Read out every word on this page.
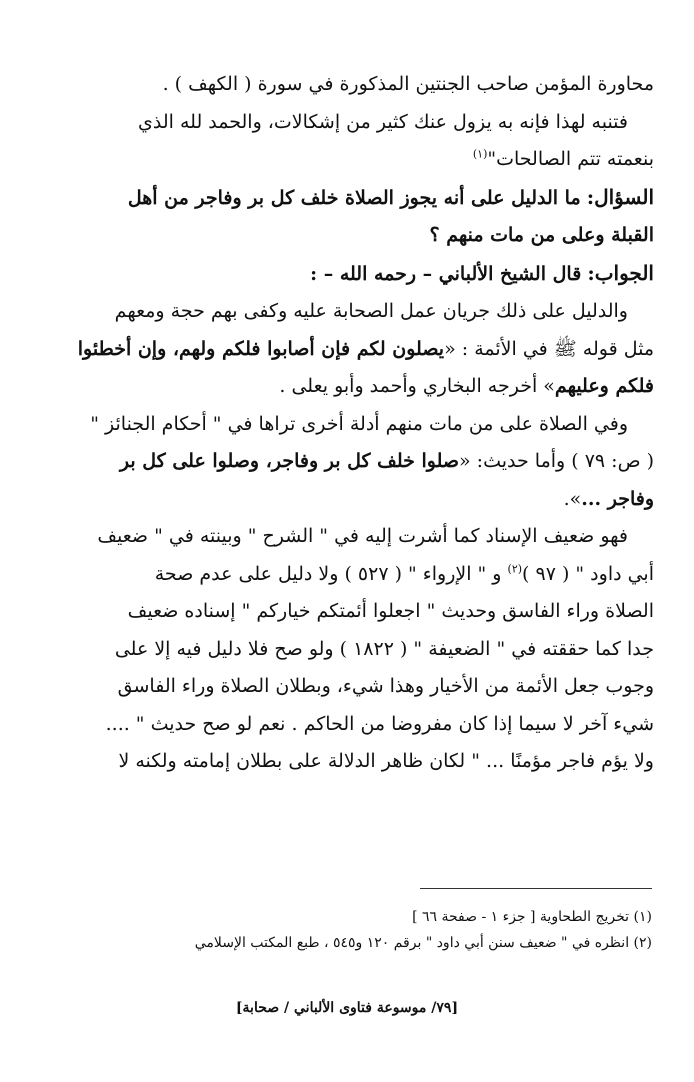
محاورة المؤمن صاحب الجنتين المذكورة في سورة ( الكهف ) .
فتنبه لهذا فإنه به يزول عنك كثير من إشكالات، والحمد لله الذي
بنعمته تتم الصالحات"$^{(١)}$
السؤال: ما الدليل على أنه يجوز الصلاة خلف كل بر وفاجر من أهل
القبلة وعلى من مات منهم ؟
الجواب: قال الشيخ الألباني – رحمه الله – :
والدليل على ذلك جريان عمل الصحابة عليه وكفى بهم حجة ومعهم
مثل قوله ﷺ في الأئمة : «يصلون لكم فإن أصابوا فلكم ولهم، وإن أخطئوا
فلكم وعليهم» أخرجه البخاري وأحمد وأبو يعلى .
وفي الصلاة على من مات منهم أدلة أخرى تراها في " أحكام الجنائز "
( ص: ٧٩ ) وأما حديث: «صلوا خلف كل بر وفاجر، وصلوا على كل بر
وفاجر ...».
فهو ضعيف الإسناد كما أشرت إليه في " الشرح " وبينته في " ضعيف
أبي داود " ( ٩٧ )$^{(٢)}$ و " الإرواء " ( ٥٢٧ ) ولا دليل على عدم صحة
الصلاة وراء الفاسق وحديث " اجعلوا أئمتكم خياركم " إسناده ضعيف
جدا كما حققته في " الضعيفة " ( ١٨٢٢ ) ولو صح فلا دليل فيه إلا على
وجوب جعل الأئمة من الأخيار وهذا شيء، وبطلان الصلاة وراء الفاسق
شيء آخر لا سيما إذا كان مفروضا من الحاكم . نعم لو صح حديث " ....
ولا يؤم فاجر مؤمنًا ... " لكان ظاهر الدلالة على بطلان إمامته ولكنه لا
(١) تخريج الطحاوية [ جزء ١ - صفحة ٦٦ ]
(٢) انظره في " ضعيف سنن أبي داود " برقم ١٢٠ و٥٤٥ ، طبع المكتب الإسلامي
[٧٩/ موسوعة فتاوى الألباني / صحابة]
